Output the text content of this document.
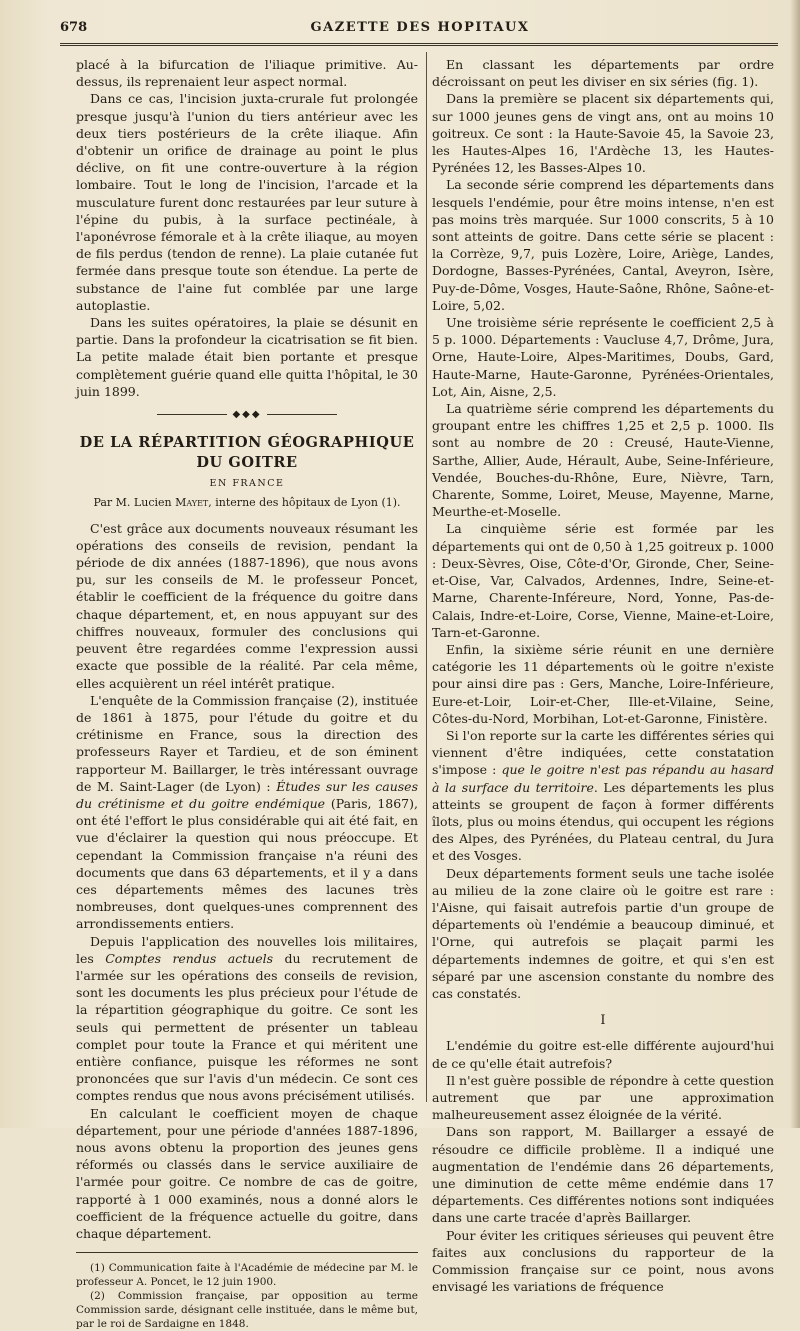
678	GAZETTE DES HOPITAUX

placé à la bifurcation de l'iliaque primitive. Au-dessus, ils reprenaient leur aspect normal.

Dans ce cas, l'incision juxta-crurale fut prolongée presque jusqu'à l'union du tiers antérieur avec les deux tiers postérieurs de la crête iliaque. Afin d'obtenir un orifice de drainage au point le plus déclive, on fit une contre-ouverture à la région lombaire. Tout le long de l'incision, l'arcade et la musculature furent donc restaurées par leur suture à l'épine du pubis, à la surface pectinéale, à l'aponévrose fémorale et à la crête iliaque, au moyen de fils perdus (tendon de renne). La plaie cutanée fut fermée dans presque toute son étendue. La perte de substance de l'aine fut comblée par une large autoplastie.

Dans les suites opératoires, la plaie se désunit en partie. Dans la profondeur la cicatrisation se fit bien. La petite malade était bien portante et presque complètement guérie quand elle quitta l'hôpital, le 30 juin 1899.

◆◆◆
DE LA RÉPARTITION GÉOGRAPHIQUE DU GOITRE
EN FRANCE
Par M. Lucien Mayet, interne des hôpitaux de Lyon (1).

C'est grâce aux documents nouveaux résumant les opérations des conseils de revision, pendant la période de dix années (1887-1896), que nous avons pu, sur les conseils de M. le professeur Poncet, établir le coefficient de la fréquence du goitre dans chaque département, et, en nous appuyant sur des chiffres nouveaux, formuler des conclusions qui peuvent être regardées comme l'expression aussi exacte que possible de la réalité. Par cela même, elles acquièrent un réel intérêt pratique.

L'enquête de la Commission française (2), instituée de 1861 à 1875, pour l'étude du goitre et du crétinisme en France, sous la direction des professeurs Rayer et Tardieu, et de son éminent rapporteur M. Baillarger, le très intéressant ouvrage de M. Saint-Lager (de Lyon) : Études sur les causes du crétinisme et du goitre endémique (Paris, 1867), ont été l'effort le plus considérable qui ait été fait, en vue d'éclairer la question qui nous préoccupe. Et cependant la Commission française n'a réuni des documents que dans 63 départements, et il y a dans ces départements mêmes des lacunes très nombreuses, dont quelques-unes comprennent des arrondissements entiers.

Depuis l'application des nouvelles lois militaires, les Comptes rendus actuels du recrutement de l'armée sur les opérations des conseils de revision, sont les documents les plus précieux pour l'étude de la répartition géographique du goitre. Ce sont les seuls qui permettent de présenter un tableau complet pour toute la France et qui méritent une entière confiance, puisque les réformes ne sont prononcées que sur l'avis d'un médecin. Ce sont ces comptes rendus que nous avons précisément utilisés.

En calculant le coefficient moyen de chaque département, pour une période d'années 1887-1896, nous avons obtenu la proportion des jeunes gens réformés ou classés dans le service auxiliaire de l'armée pour goitre. Ce nombre de cas de goitre, rapporté à 1 000 examinés, nous a donné alors le coefficient de la fréquence actuelle du goitre, dans chaque département.

(1) Communication faite à l'Académie de médecine par M. le professeur A. Poncet, le 12 juin 1900.

(2) Commission française, par opposition au terme Commission sarde, désignant celle instituée, dans le même but, par le roi de Sardaigne en 1848.

En classant les départements par ordre décroissant on peut les diviser en six séries (fig. 1).

Dans la première se placent six départements qui, sur 1000 jeunes gens de vingt ans, ont au moins 10 goitreux. Ce sont : la Haute-Savoie 45, la Savoie 23, les Hautes-Alpes 16, l'Ardèche 13, les Hautes-Pyrénées 12, les Basses-Alpes 10.

La seconde série comprend les départements dans lesquels l'endémie, pour être moins intense, n'en est pas moins très marquée. Sur 1000 conscrits, 5 à 10 sont atteints de goitre. Dans cette série se placent : la Corrèze, 9,7, puis Lozère, Loire, Ariège, Landes, Dordogne, Basses-Pyrénées, Cantal, Aveyron, Isère, Puy-de-Dôme, Vosges, Haute-Saône, Rhône, Saône-et-Loire, 5,02.

Une troisième série représente le coefficient 2,5 à 5 p. 1000. Départements : Vaucluse 4,7, Drôme, Jura, Orne, Haute-Loire, Alpes-Maritimes, Doubs, Gard, Haute-Marne, Haute-Garonne, Pyrénées-Orientales, Lot, Ain, Aisne, 2,5.

La quatrième série comprend les départements du groupant entre les chiffres 1,25 et 2,5 p. 1000. Ils sont au nombre de 20 : Creusé, Haute-Vienne, Sarthe, Allier, Aude, Hérault, Aube, Seine-Inférieure, Vendée, Bouches-du-Rhône, Eure, Nièvre, Tarn, Charente, Somme, Loiret, Meuse, Mayenne, Marne, Meurthe-et-Moselle.

La cinquième série est formée par les départements qui ont de 0,50 à 1,25 goitreux p. 1000 : Deux-Sèvres, Oise, Côte-d'Or, Gironde, Cher, Seine-et-Oise, Var, Calvados, Ardennes, Indre, Seine-et-Marne, Charente-Inféreure, Nord, Yonne, Pas-de-Calais, Indre-et-Loire, Corse, Vienne, Maine-et-Loire, Tarn-et-Garonne.

Enfin, la sixième série réunit en une dernière catégorie les 11 départements où le goitre n'existe pour ainsi dire pas : Gers, Manche, Loire-Inférieure, Eure-et-Loir, Loir-et-Cher, Ille-et-Vilaine, Seine, Côtes-du-Nord, Morbihan, Lot-et-Garonne, Finistère.

Si l'on reporte sur la carte les différentes séries qui viennent d'être indiquées, cette constatation s'impose : que le goitre n'est pas répandu au hasard à la surface du territoire. Les départements les plus atteints se groupent de façon à former différents îlots, plus ou moins étendus, qui occupent les régions des Alpes, des Pyrénées, du Plateau central, du Jura et des Vosges.

Deux départements forment seuls une tache isolée au milieu de la zone claire où le goitre est rare : l'Aisne, qui faisait autrefois partie d'un groupe de départements où l'endémie a beaucoup diminué, et l'Orne, qui autrefois se plaçait parmi les départements indemnes de goitre, et qui s'en est séparé par une ascension constante du nombre des cas constatés.

I

L'endémie du goitre est-elle différente aujourd'hui de ce qu'elle était autrefois?

Il n'est guère possible de répondre à cette question autrement que par une approximation malheureusement assez éloignée de la vérité.

Dans son rapport, M. Baillarger a essayé de résoudre ce difficile problème. Il a indiqué une augmentation de l'endémie dans 26 départements, une diminution de cette même endémie dans 17 départements. Ces différentes notions sont indiquées dans une carte tracée d'après Baillarger.

Pour éviter les critiques sérieuses qui peuvent être faites aux conclusions du rapporteur de la Commission française sur ce point, nous avons envisagé les variations de fréquence
